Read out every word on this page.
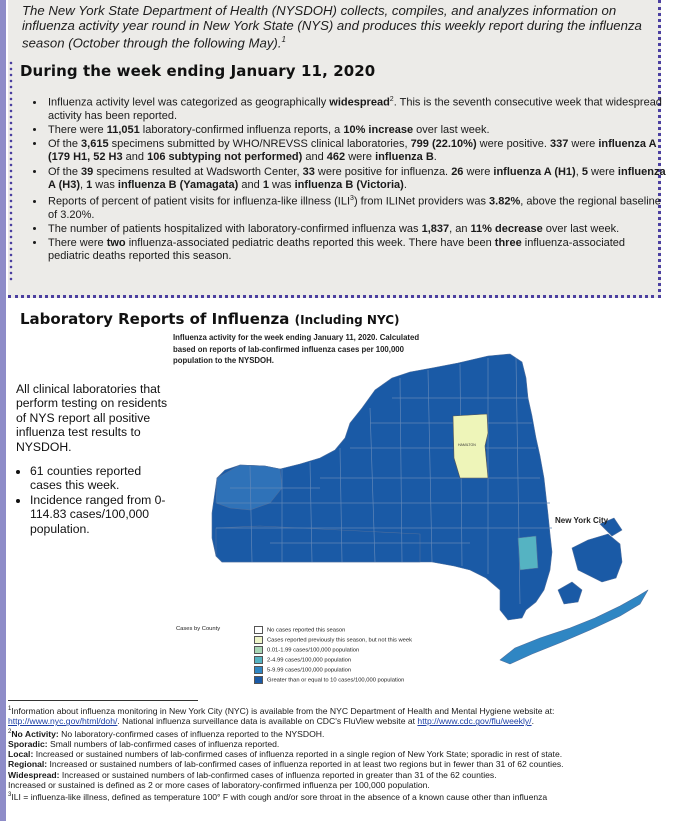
The New York State Department of Health (NYSDOH) collects, compiles, and analyzes information on influenza activity year round in New York State (NYS) and produces this weekly report during the influenza season (October through the following May).$^1$
During the week ending January 11, 2020
• Influenza activity level was categorized as geographically widespread$^2$. This is the seventh consecutive week that widespread activity has been reported.
• There were 11,051 laboratory-confirmed influenza reports, a 10% increase over last week.
• Of the 3,615 specimens submitted by WHO/NREVSS clinical laboratories, 799 (22.10%) were positive. 337 were influenza A (179 H1, 52 H3 and 106 subtyping not performed) and 462 were influenza B.
• Of the 39 specimens resulted at Wadsworth Center, 33 were positive for influenza. 26 were influenza A (H1), 5 were influenza A (H3), 1 was influenza B (Yamagata) and 1 was influenza B (Victoria).
• Reports of percent of patient visits for influenza-like illness (ILI$^3$) from ILINet providers was 3.82%, above the regional baseline of 3.20%.
• The number of patients hospitalized with laboratory-confirmed influenza was 1,837, an 11% decrease over last week.
• There were two influenza-associated pediatric deaths reported this week. There have been three influenza-associated pediatric deaths reported this season.
Laboratory Reports of Influenza (Including NYC)
Influenza activity for the week ending January 11, 2020. Calculated based on reports of lab-confirmed influenza cases per 100,000 population to the NYSDOH.
All clinical laboratories that perform testing on residents of NYS report all positive influenza test results to NYSDOH.
• 61 counties reported cases this week.
• Incidence ranged from 0-114.83 cases/100,000 population.
HAMILTON
New York City
Cases by County	No cases reported this season
Cases reported previously this season, but not this week
0.01-1.99 cases/100,000 population
2-4.99 cases/100,000 population
5-9.99 cases/100,000 population
Greater than or equal to 10 cases/100,000 population

$^1$Information about influenza monitoring in New York City (NYC) is available from the NYC Department of Health and Mental Hygiene website at: http://www.nyc.gov/html/doh/. National influenza surveillance data is available on CDC's FluView website at http://www.cdc.gov/flu/weekly/.

$^2$No Activity: No laboratory-confirmed cases of influenza reported to the NYSDOH.

Sporadic: Small numbers of lab-confirmed cases of influenza reported.

Local: Increased or sustained numbers of lab-confirmed cases of influenza reported in a single region of New York State; sporadic in rest of state.

Regional: Increased or sustained numbers of lab-confirmed cases of influenza reported in at least two regions but in fewer than 31 of 62 counties.

Widespread: Increased or sustained numbers of lab-confirmed cases of influenza reported in greater than 31 of the 62 counties.

Increased or sustained is defined as 2 or more cases of laboratory-confirmed influenza per 100,000 population.

$^3$ILI = influenza-like illness, defined as temperature 100° F with cough and/or sore throat in the absence of a known cause other than influenza
